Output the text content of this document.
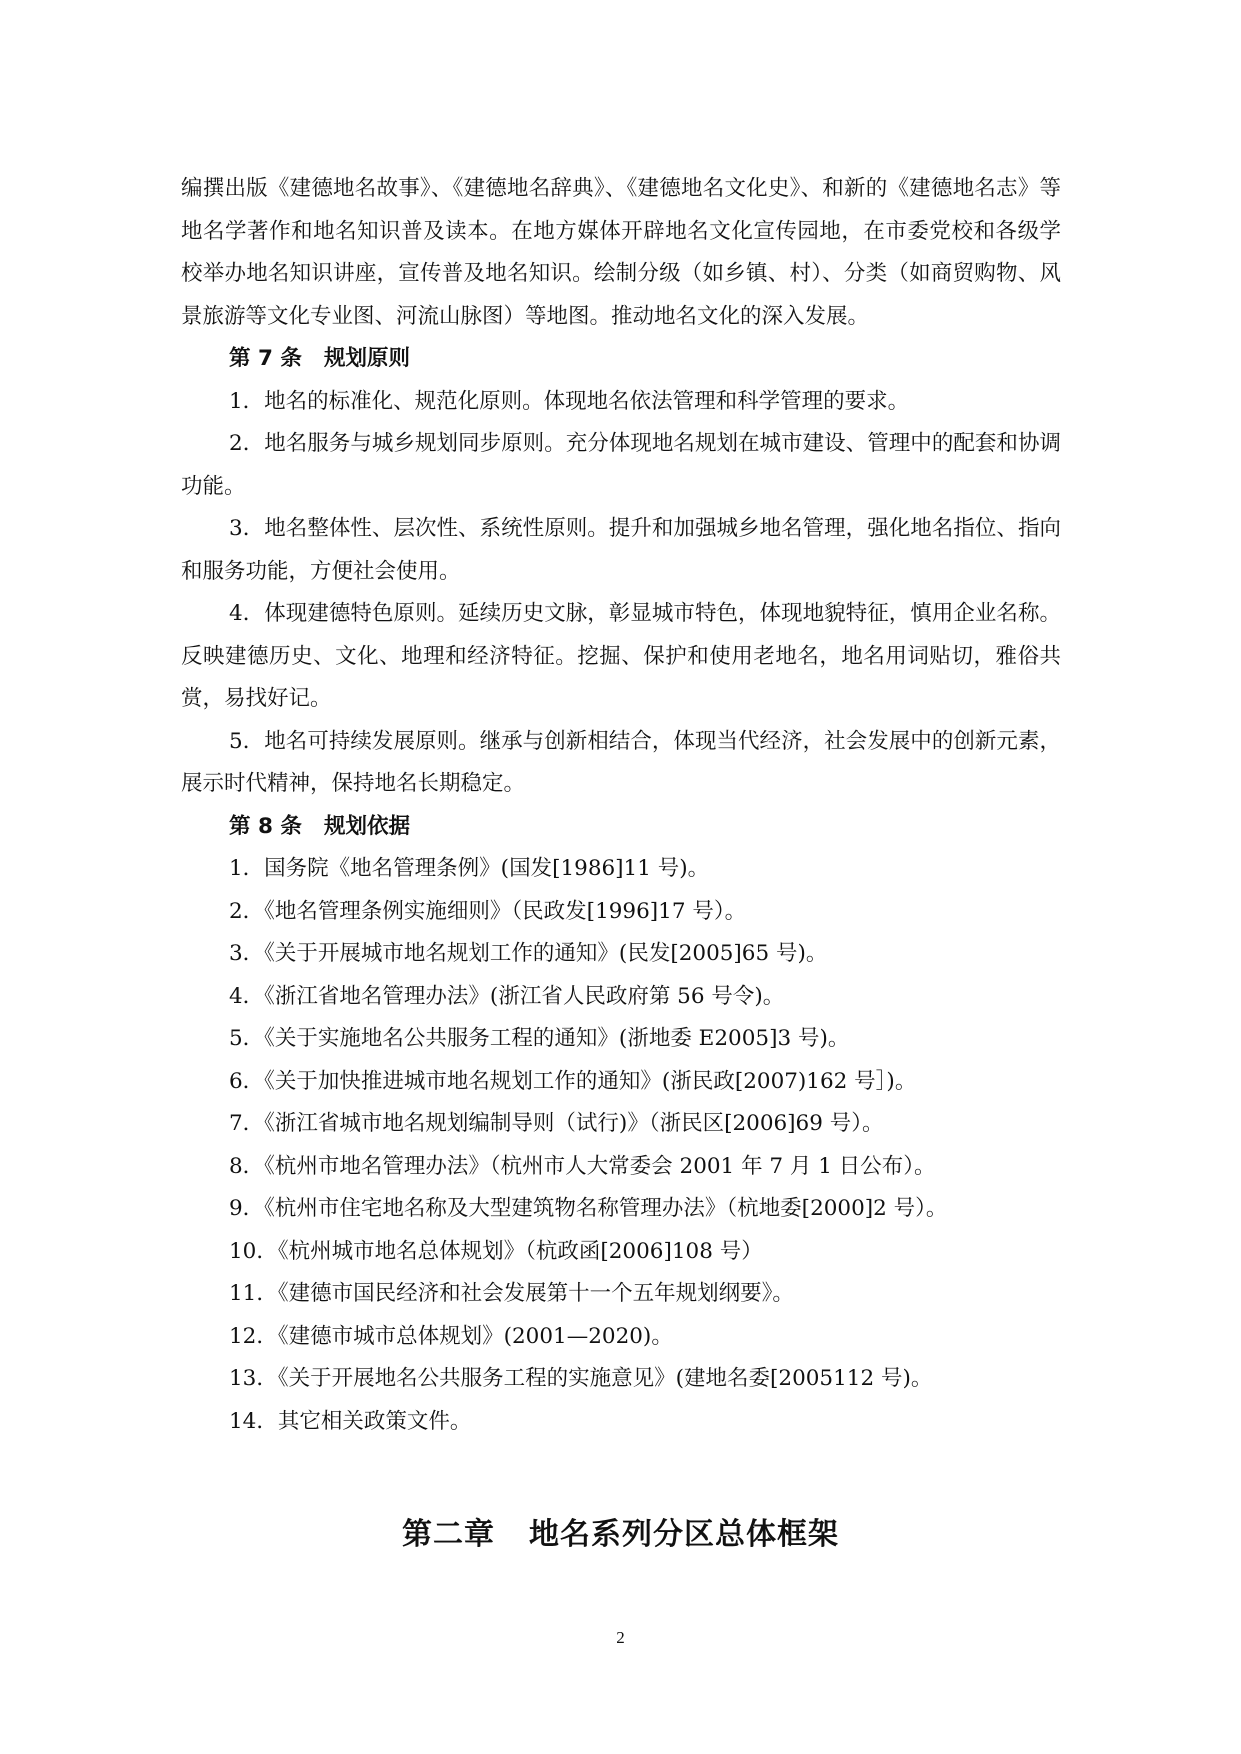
编撰出版《建德地名故事》、《建德地名辞典》、《建德地名文化史》、和新的《建德地名志》等地名学著作和地名知识普及读本。在地方媒体开辟地名文化宣传园地，在市委党校和各级学校举办地名知识讲座，宣传普及地名知识。绘制分级（如乡镇、村）、分类（如商贸购物、风景旅游等文化专业图、河流山脉图）等地图。推动地名文化的深入发展。

第 7 条 规划原则

1．地名的标准化、规范化原则。体现地名依法管理和科学管理的要求。

2．地名服务与城乡规划同步原则。充分体现地名规划在城市建设、管理中的配套和协调功能。

3．地名整体性、层次性、系统性原则。提升和加强城乡地名管理，强化地名指位、指向和服务功能，方便社会使用。

4．体现建德特色原则。延续历史文脉，彰显城市特色，体现地貌特征，慎用企业名称。反映建德历史、文化、地理和经济特征。挖掘、保护和使用老地名，地名用词贴切，雅俗共赏，易找好记。

5．地名可持续发展原则。继承与创新相结合，体现当代经济，社会发展中的创新元素，展示时代精神，保持地名长期稳定。

第 8 条 规划依据
1．国务院《地名管理条例》(国发[1986]11 号)。
2．《地名管理条例实施细则》（民政发[1996]17 号）。
3．《关于开展城市地名规划工作的通知》(民发[2005]65 号)。
4．《浙江省地名管理办法》(浙江省人民政府第 56 号令)。
5．《关于实施地名公共服务工程的通知》(浙地委 E2005]3 号)。
6．《关于加快推进城市地名规划工作的通知》(浙民政[2007)162 号］)。
7．《浙江省城市地名规划编制导则（试行)》（浙民区[2006]69 号）。
8．《杭州市地名管理办法》（杭州市人大常委会 2001 年 7 月 1 日公布）。
9．《杭州市住宅地名称及大型建筑物名称管理办法》（杭地委[2000]2 号）。
10．《杭州城市地名总体规划》（杭政函[2006]108 号）
11．《建德市国民经济和社会发展第十一个五年规划纲要》。
12．《建德市城市总体规划》(2001—2020)。
13．《关于开展地名公共服务工程的实施意见》(建地名委[2005112 号)。
14．其它相关政策文件。
第二章 地名系列分区总体框架
2
